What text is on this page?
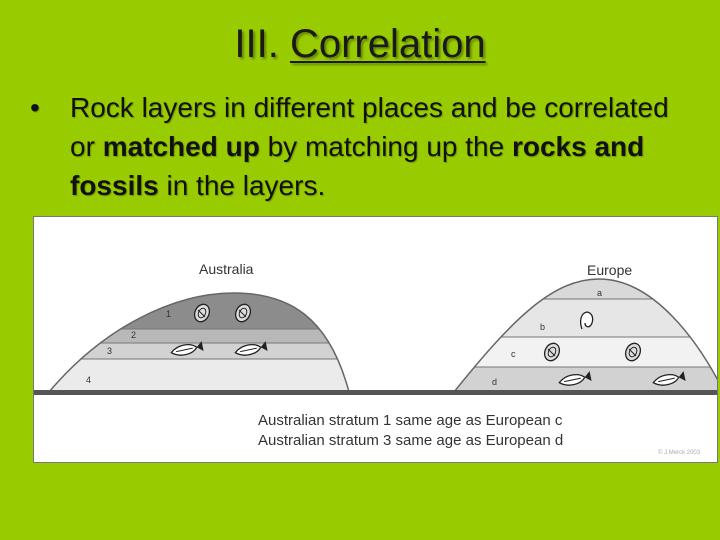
III. Correlation
• Rock layers in different places and be correlated or matched up by matching up the rocks and fossils in the layers.
Australia	Europe
1
2
3
4
a
b
c
d
Australian stratum 1 same age as European c
Australian stratum 3 same age as European d
© J.Merck 2003
